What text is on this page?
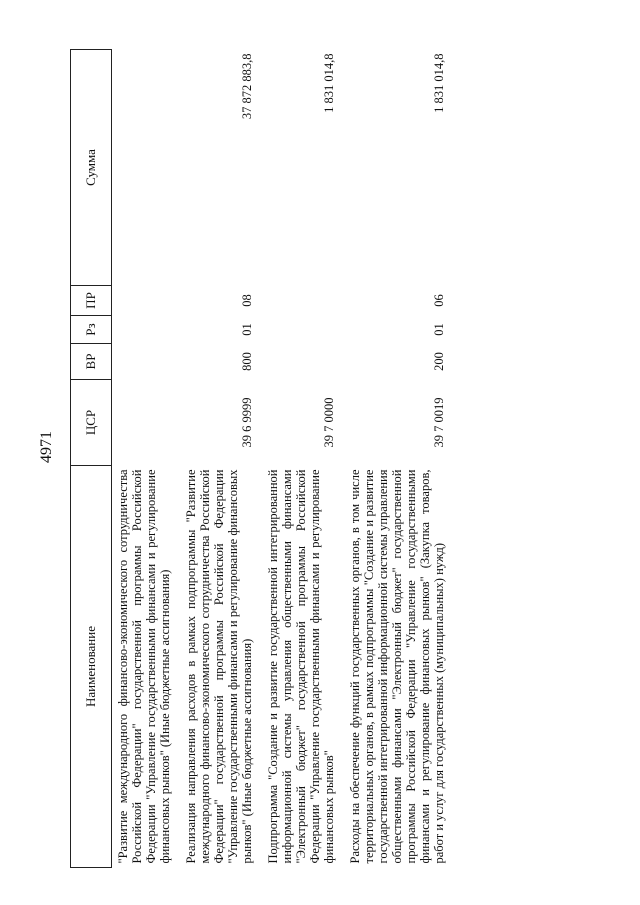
4971
Наименование	ЦСР	ВР	Рз	ПР	Сумма
"Развитие международного финансово-экономического сотрудничества Российской Федерации" государственной программы Российской Федерации "Управление государственными финансами и регулирование финансовых рынков" (Иные бюджетные ассигнования)					
Реализация направления расходов в рамках подпрограммы "Развитие международного финансово-экономического сотрудничества Российской Федерации" государственной программы Российской Федерации "Управление государственными финансами и регулирование финансовых рынков" (Иные бюджетные ассигнования)	39 6 9999	800	01	08	37 872 883,8
Подпрограмма "Создание и развитие государственной интегрированной информационной системы управления общественными финансами "Электронный бюджет" государственной программы Российской Федерации "Управление государственными финансами и регулирование финансовых рынков"	39 7 0000				1 831 014,8
Расходы на обеспечение функций государственных органов, в том числе территориальных органов, в рамках подпрограммы "Создание и развитие государственной интегрированной информационной системы управления общественными финансами "Электронный бюджет" государственной программы Российской Федерации "Управление государственными финансами и регулирование финансовых рынков" (Закупка товаров, работ и услуг для государственных (муниципальных) нужд)	39 7 0019	200	01	06	1 831 014,8
